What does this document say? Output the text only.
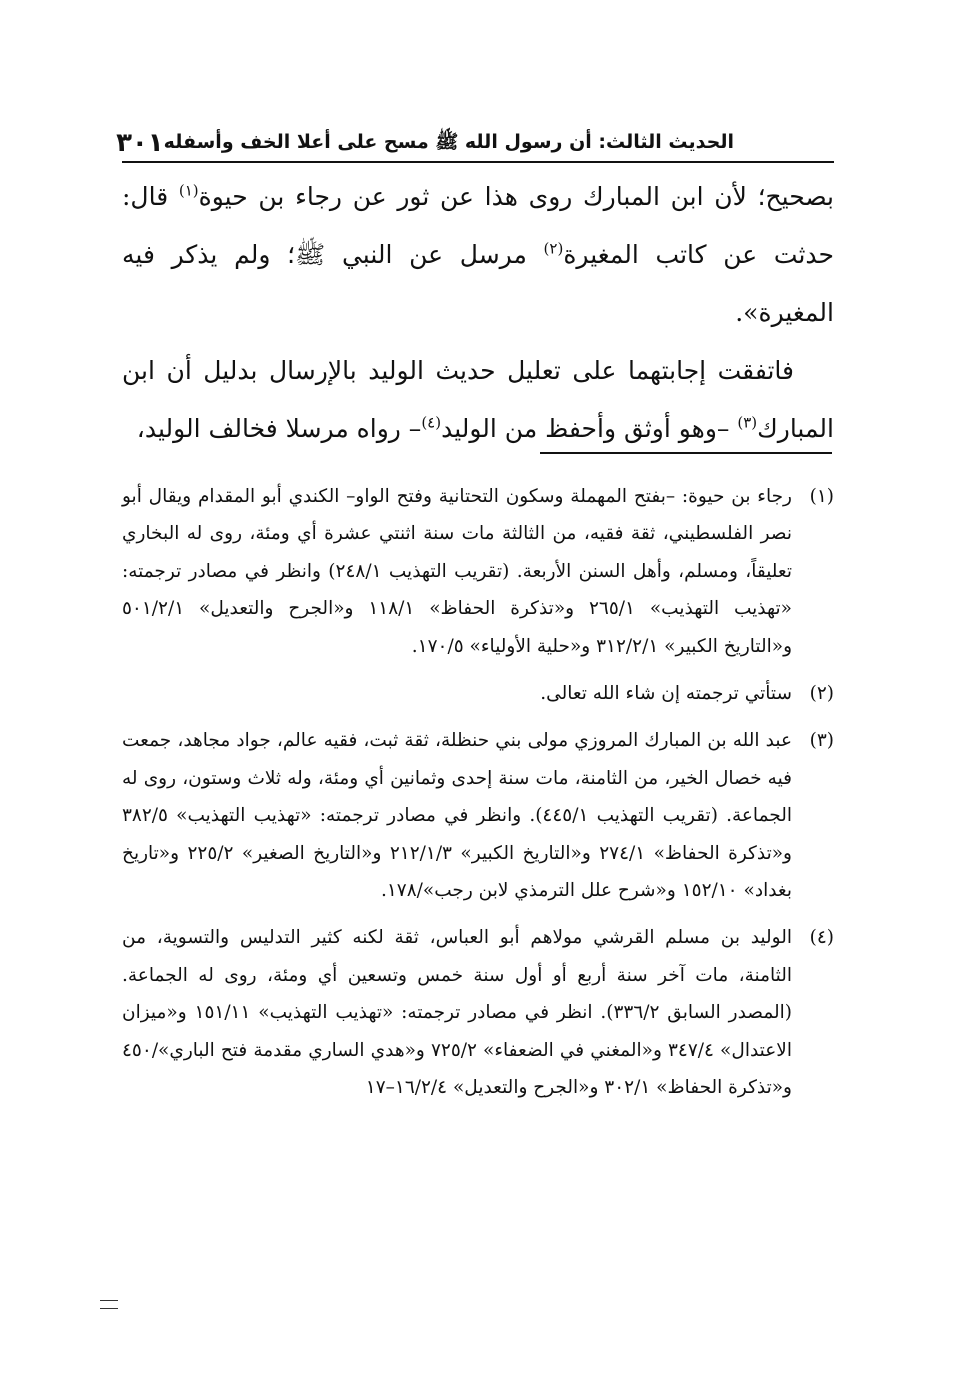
الحديث الثالث: أن رسول الله ﷺ مسح على أعلا الخف وأسفله
٣٠١

بصحيح؛ لأن ابن المبارك روى هذا عن ثور عن رجاء بن حيوة$^{(١)}$ قال: حدثت عن كاتب المغيرة$^{(٢)}$ مرسل عن النبي ﷺ؛ ولم يذكر فيه المغيرة».

فاتفقت إجابتهما على تعليل حديث الوليد بالإرسال بدليل أن ابن المبارك$^{(٣)}$ –وهو أوثق وأحفظ من الوليد$^{(٤)}$– رواه مرسلا فخالف الوليد،

(١)
رجاء بن حيوة: –بفتح المهملة وسكون التحتانية وفتح الواو– الكندي أبو المقدام ويقال أبو نصر الفلسطيني، ثقة فقيه، من الثالثة مات سنة اثنتي عشرة أي ومئة، روى له البخاري تعليقاً، ومسلم، وأهل السنن الأربعة. (تقريب التهذيب ٢٤٨/١) وانظر في مصادر ترجمته: «تهذيب التهذيب» ٢٦٥/١ و«تذكرة الحفاظ» ١١٨/١ و«الجرح والتعديل» ٥٠١/٢/١ و«التاريخ الكبير» ٣١٢/٢/١ و«حلية الأولياء» ١٧٠/٥.
(٢)
ستأتي ترجمته إن شاء الله تعالى.
(٣)
عبد الله بن المبارك المروزي مولى بني حنظلة، ثقة ثبت، فقيه عالم، جواد مجاهد، جمعت فيه خصال الخير، من الثامنة، مات سنة إحدى وثمانين أي ومئة، وله ثلاث وستون، روى له الجماعة. (تقريب التهذيب ٤٤٥/١). وانظر في مصادر ترجمته: «تهذيب التهذيب» ٣٨٢/٥ و«تذكرة الحفاظ» ٢٧٤/١ و«التاريخ الكبير» ٢١٢/١/٣ و«التاريخ الصغير» ٢٢٥/٢ و«تاريخ بغداد» ١٥٢/١٠ و«شرح علل الترمذي لابن رجب»/١٧٨.
(٤)
الوليد بن مسلم القرشي مولاهم أبو العباس، ثقة لكنه كثير التدليس والتسوية، من الثامنة، مات آخر سنة أربع أو أول سنة خمس وتسعين أي ومئة، روى له الجماعة. (المصدر السابق ٣٣٦/٢). انظر في مصادر ترجمته: «تهذيب التهذيب» ١٥١/١١ و«ميزان الاعتدال» ٣٤٧/٤ و«المغني في الضعفاء» ٧٢٥/٢ و«هدي الساري مقدمة فتح الباري»/٤٥٠ و«تذكرة الحفاظ» ٣٠٢/١ و«الجرح والتعديل» ١٦/٢/٤–١٧
